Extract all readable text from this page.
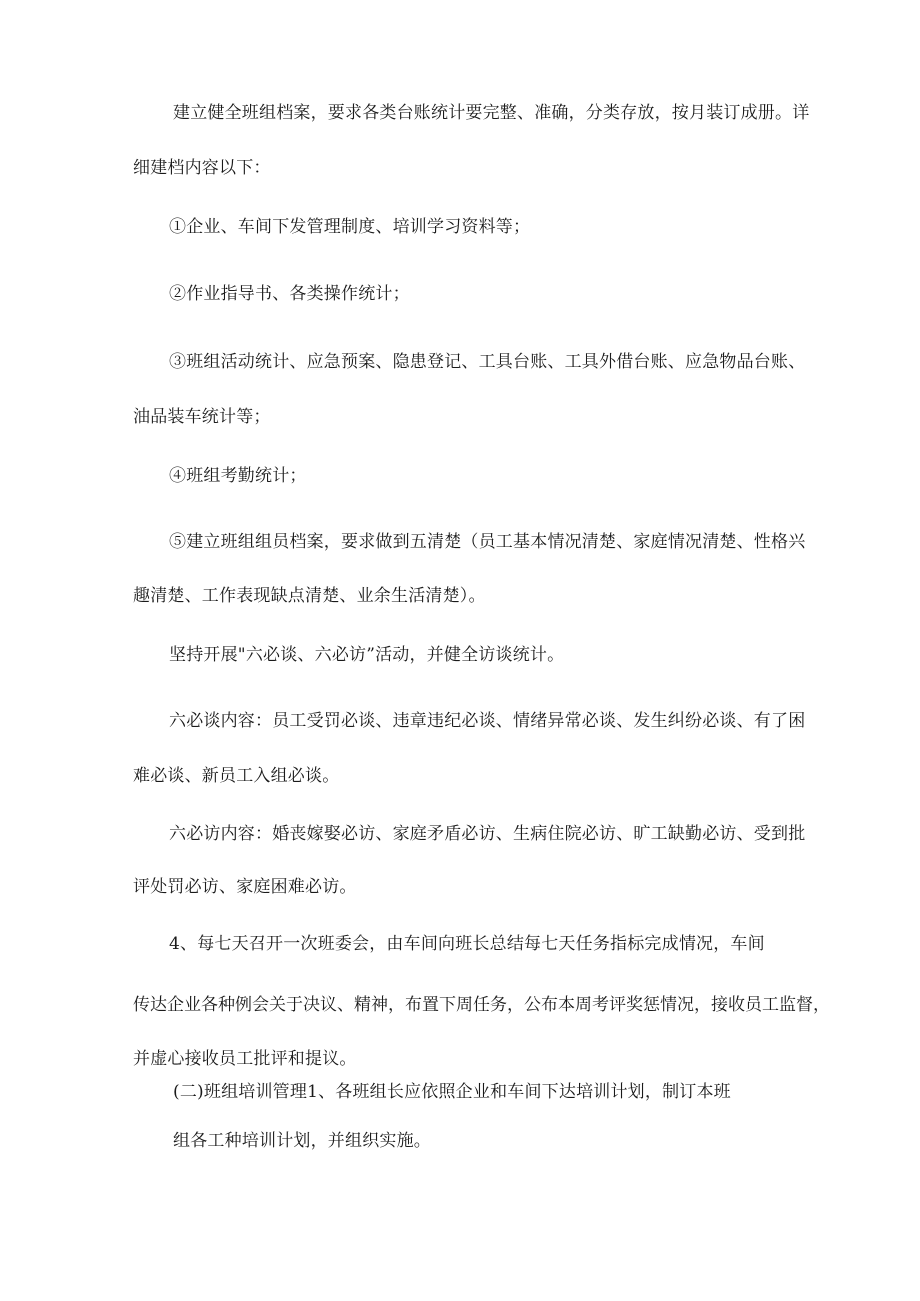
建立健全班组档案，要求各类台账统计要完整、准确，分类存放，按月装订成册。详
细建档内容以下：
①企业、车间下发管理制度、培训学习资料等；
②作业指导书、各类操作统计；
③班组活动统计、应急预案、隐患登记、工具台账、工具外借台账、应急物品台账、
油品装车统计等；
④班组考勤统计；
⑤建立班组组员档案，要求做到五清楚（员工基本情况清楚、家庭情况清楚、性格兴
趣清楚、工作表现缺点清楚、业余生活清楚）。
坚持开展"六必谈、六必访”活动，并健全访谈统计。
六必谈内容：员工受罚必谈、违章违纪必谈、情绪异常必谈、发生纠纷必谈、有了困
难必谈、新员工入组必谈。
六必访内容：婚丧嫁娶必访、家庭矛盾必访、生病住院必访、旷工缺勤必访、受到批
评处罚必访、家庭困难必访。
4、每七天召开一次班委会，由车间向班长总结每七天任务指标完成情况，车间
传达企业各种例会关于决议、精神，布置下周任务，公布本周考评奖惩情况，接收员工监督，
并虚心接收员工批评和提议。
(二)班组培训管理1、各班组长应依照企业和车间下达培训计划，制订本班
组各工种培训计划，并组织实施。
